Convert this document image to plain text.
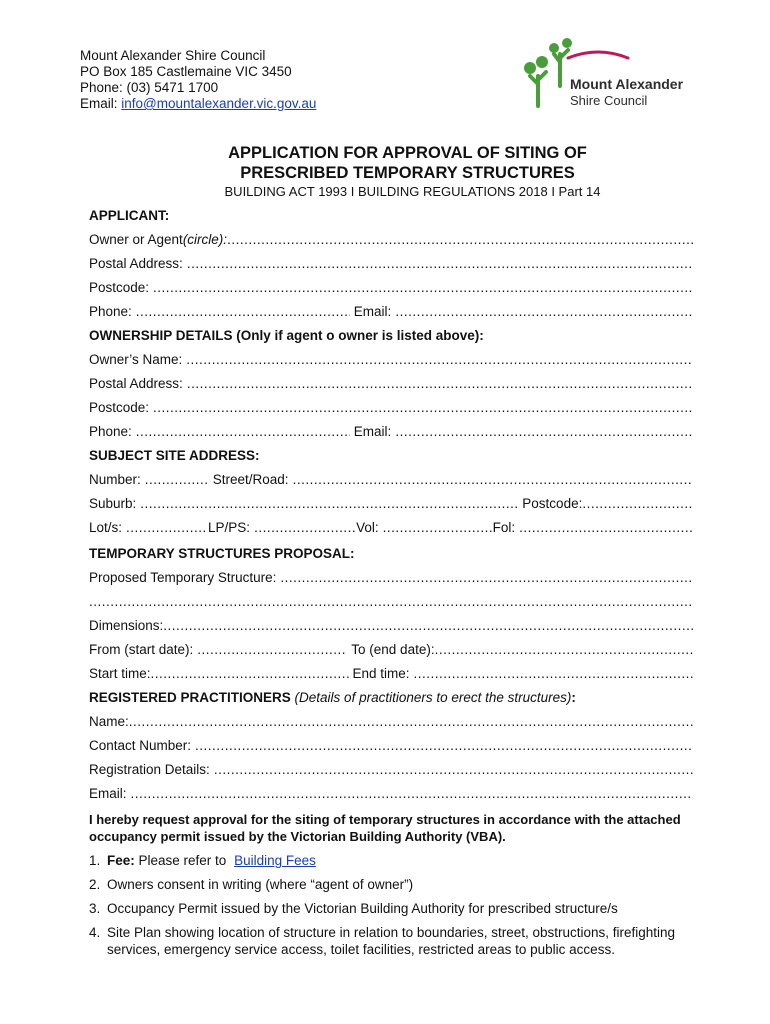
Mount Alexander Shire Council
PO Box 185 Castlemaine VIC 3450
Phone: (03) 5471 1700
Email: info@mountalexander.vic.gov.au
Mount Alexander
Shire Council
APPLICATION FOR APPROVAL OF SITING OF
PRESCRIBED TEMPORARY STRUCTURES
BUILDING ACT 1993 I BUILDING REGULATIONS 2018 I Part 14
APPLICANT:
Owner or Agent (circle):
.....
Postal Address:
.....
Postcode:
.....
Phone: .....	Email:
.....
OWNERSHIP DETAILS (Only if agent o owner is listed above):
Owner’s Name:
.....
Postal Address:
.....
Postcode:
.....
Phone: .....	Email:
.....
SUBJECT SITE ADDRESS:
Number: .....	Street/Road:
.....
Suburb: .....	Postcode:
.....
Lot/s: .....	LP/PS: .....	Vol: .....	Fol:
.....
TEMPORARY STRUCTURES PROPOSAL:
Proposed Temporary Structure:
.....
.....
Dimensions:
.....
From (start date): .....	To (end date):
.....
Start time: .....	End time:
.....
REGISTERED PRACTITIONERS (Details of practitioners to erect the structures):
Name:
.....
Contact Number:
.....
Registration Details:
.....
Email:
.....
I hereby request approval for the siting of temporary structures in accordance with the attached occupancy permit issued by the Victorian Building Authority (VBA).
1. Fee: Please refer to Building Fees
2. Owners consent in writing (where “agent of owner”)
3. Occupancy Permit issued by the Victorian Building Authority for prescribed structure/s
4. Site Plan showing location of structure in relation to boundaries, street, obstructions, firefighting services, emergency service access, toilet facilities, restricted areas to public access.
